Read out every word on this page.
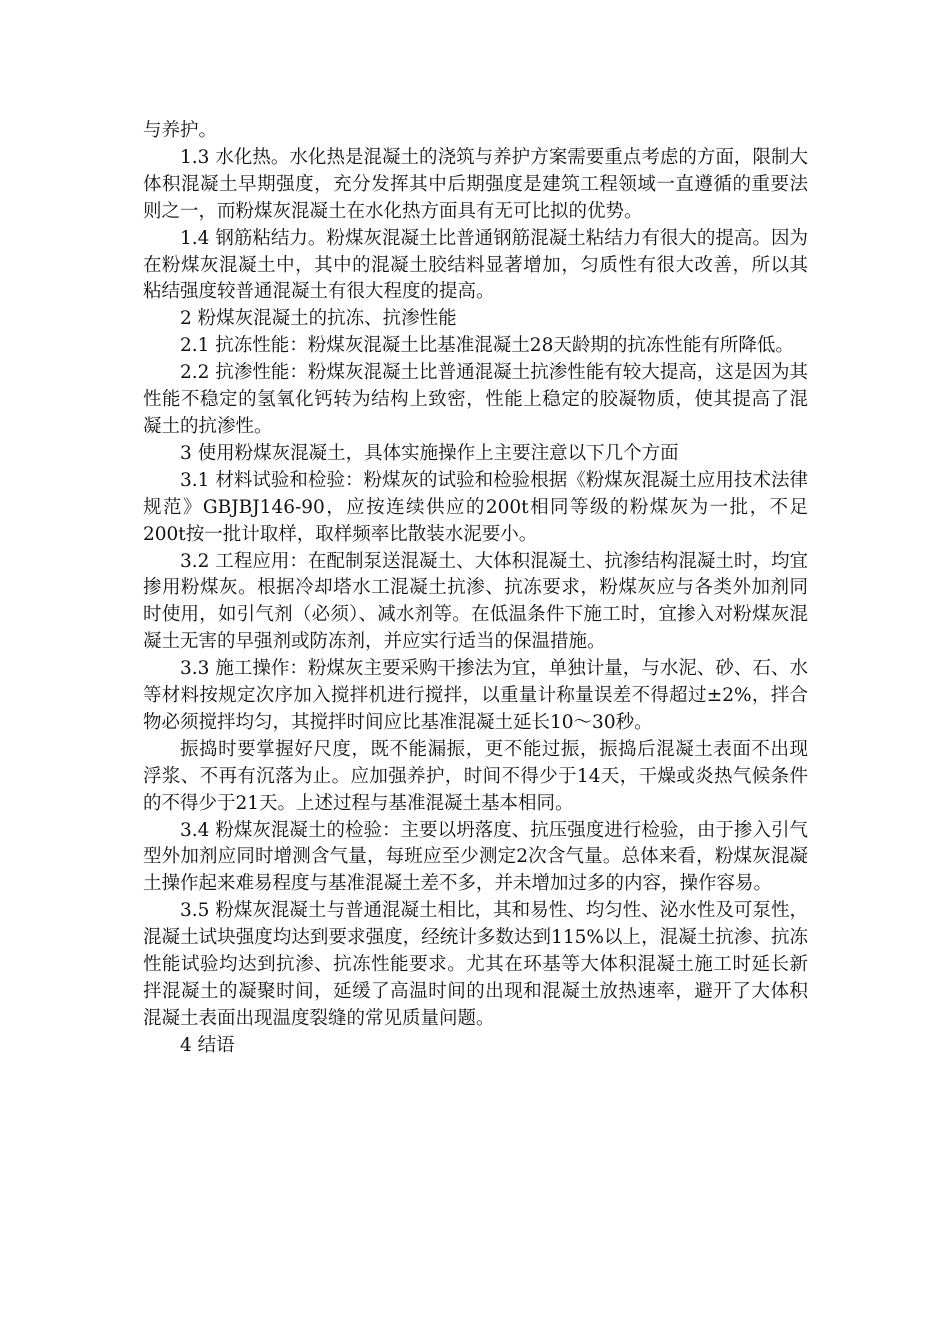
与养护。

1.3 水化热。水化热是混凝土的浇筑与养护方案需要重点考虑的方面，限制大体积混凝土早期强度，充分发挥其中后期强度是建筑工程领域一直遵循的重要法则之一，而粉煤灰混凝土在水化热方面具有无可比拟的优势。

1.4 钢筋粘结力。粉煤灰混凝土比普通钢筋混凝土粘结力有很大的提高。因为在粉煤灰混凝土中，其中的混凝土胶结料显著增加，匀质性有很大改善，所以其粘结强度较普通混凝土有很大程度的提高。

2 粉煤灰混凝土的抗冻、抗渗性能

2.1 抗冻性能：粉煤灰混凝土比基准混凝土28天龄期的抗冻性能有所降低。

2.2 抗渗性能：粉煤灰混凝土比普通混凝土抗渗性能有较大提高，这是因为其性能不稳定的氢氧化钙转为结构上致密，性能上稳定的胶凝物质，使其提高了混凝土的抗渗性。

3 使用粉煤灰混凝土，具体实施操作上主要注意以下几个方面

3.1 材料试验和检验：粉煤灰的试验和检验根据《粉煤灰混凝土应用技术法律规范》GBJBJ146-90，应按连续供应的200t相同等级的粉煤灰为一批，不足200t按一批计取样，取样频率比散装水泥要小。

3.2 工程应用：在配制泵送混凝土、大体积混凝土、抗渗结构混凝土时，均宜掺用粉煤灰。根据冷却塔水工混凝土抗渗、抗冻要求，粉煤灰应与各类外加剂同时使用，如引气剂（必须）、减水剂等。在低温条件下施工时，宜掺入对粉煤灰混凝土无害的早强剂或防冻剂，并应实行适当的保温措施。

3.3 施工操作：粉煤灰主要采购干掺法为宜，单独计量，与水泥、砂、石、水等材料按规定次序加入搅拌机进行搅拌，以重量计称量误差不得超过±2%，拌合物必须搅拌均匀，其搅拌时间应比基准混凝土延长10～30秒。

振捣时要掌握好尺度，既不能漏振，更不能过振，振捣后混凝土表面不出现浮浆、不再有沉落为止。应加强养护，时间不得少于14天，干燥或炎热气候条件的不得少于21天。上述过程与基准混凝土基本相同。

3.4 粉煤灰混凝土的检验：主要以坍落度、抗压强度进行检验，由于掺入引气型外加剂应同时增测含气量，每班应至少测定2次含气量。总体来看，粉煤灰混凝土操作起来难易程度与基准混凝土差不多，并未增加过多的内容，操作容易。

3.5 粉煤灰混凝土与普通混凝土相比，其和易性、均匀性、泌水性及可泵性，混凝土试块强度均达到要求强度，经统计多数达到115%以上，混凝土抗渗、抗冻性能试验均达到抗渗、抗冻性能要求。尤其在环基等大体积混凝土施工时延长新拌混凝土的凝聚时间，延缓了高温时间的出现和混凝土放热速率，避开了大体积混凝土表面出现温度裂缝的常见质量问题。

4 结语
